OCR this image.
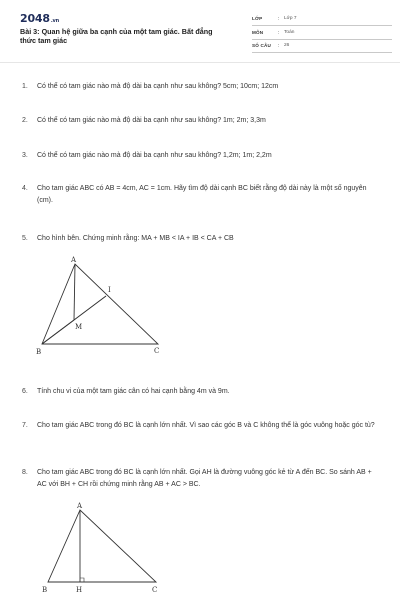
2048.vn
Bài 3: Quan hệ giữa ba cạnh của một tam giác. Bất đẳng thức tam giác
LỚP	: Lớp 7
MÔN	: Toán
SỐ CÂU : 26
1.	Có thể có tam giác nào mà độ dài ba cạnh như sau không? 5cm; 10cm; 12cm
2.	Có thể có tam giác nào mà độ dài ba cạnh như sau không? 1m; 2m; 3,3m
3.	Có thể có tam giác nào mà độ dài ba cạnh như sau không? 1,2m; 1m; 2,2m
4.	Cho tam giác ABC có AB = 4cm, AC = 1cm. Hãy tìm độ dài cạnh BC biết rằng độ dài này là một số nguyên (cm).
5.	Cho hình bên. Chứng minh rằng: MA + MB < IA + IB < CA + CB
A
B	C
I
M
6.	Tính chu vi của một tam giác cân có hai cạnh bằng 4m và 9m.
7.	Cho tam giác ABC trong đó BC là cạnh lớn nhất. Vì sao các góc B và C không thể là góc vuông hoặc góc tù?
8.	Cho tam giác ABC trong đó BC là cạnh lớn nhất. Gọi AH là đường vuông góc kẻ từ A đến BC. So sánh AB + AC với BH + CH rồi chứng minh rằng AB + AC > BC.
A
B	H	C
